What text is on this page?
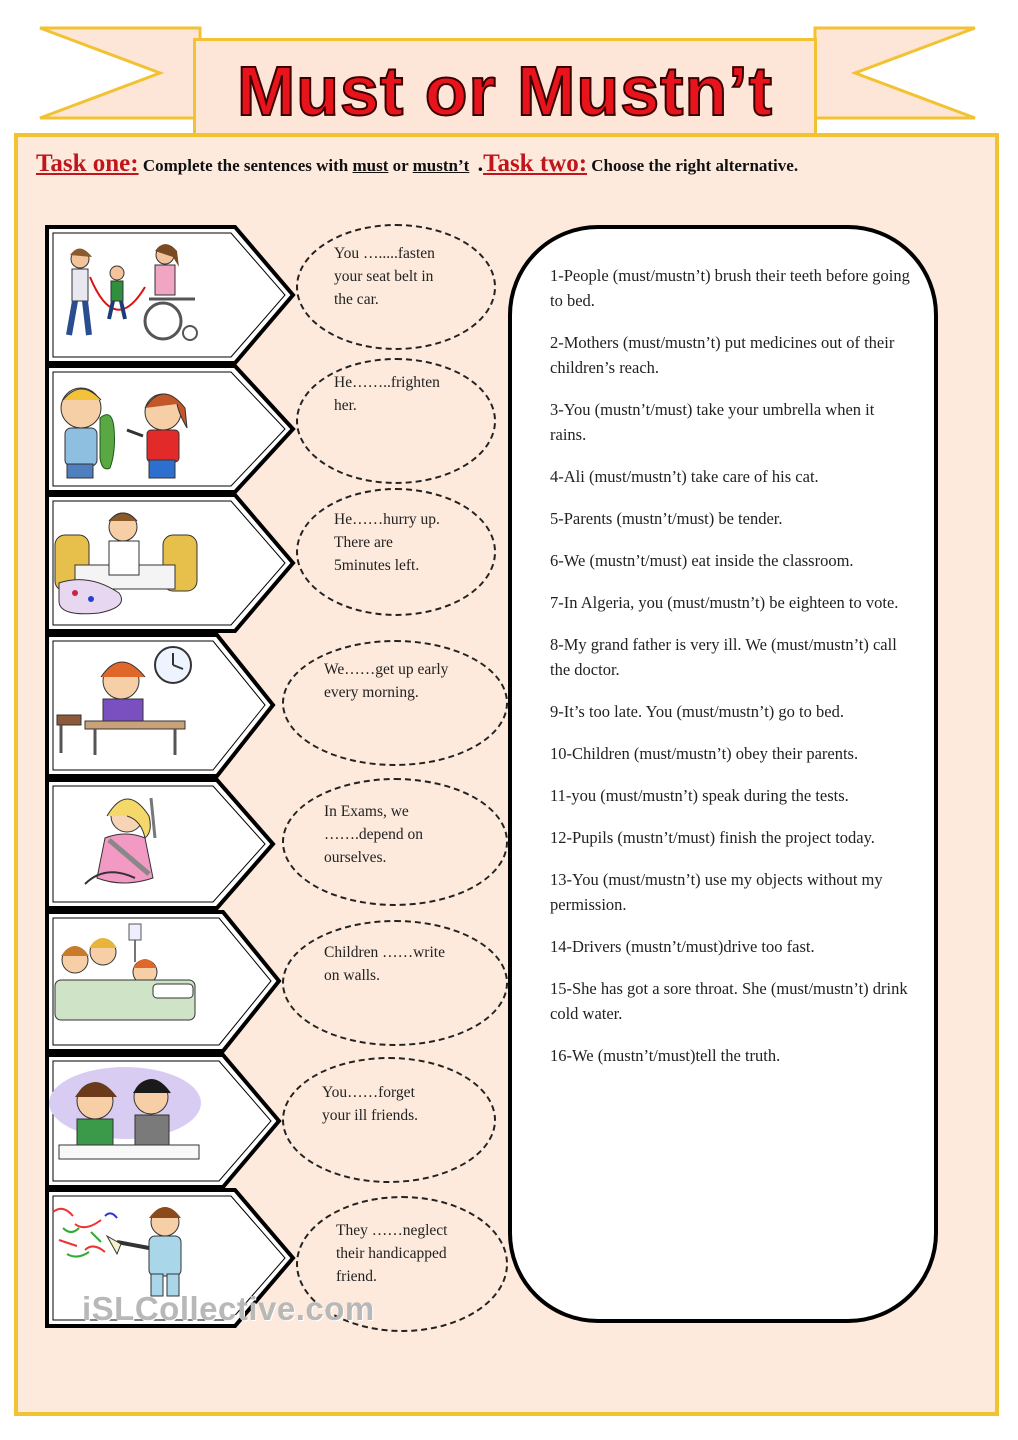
Must or Mustn’t
Task one: Complete the sentences with must or mustn’t .Task two: Choose the right alternative.
You ….....fasten
your seat belt in
the car.
He……..frighten
her.
He……hurry up.
There are
5minutes left.
We……get up early
every morning.
In Exams, we
…….depend on
ourselves.
Children ……write
on walls.
You……forget
your ill friends.
They ……neglect
their handicapped
friend.
1-People (must/mustn’t) brush their teeth before going to bed.
2-Mothers (must/mustn’t) put medicines out of their children’s reach.
3-You (mustn’t/must) take your umbrella when it rains.
4-Ali (must/mustn’t) take care of his cat.
5-Parents (mustn’t/must) be tender.
6-We (mustn’t/must) eat inside the classroom.
7-In Algeria, you (must/mustn’t) be eighteen to vote.
8-My grand father is very ill. We (must/mustn’t) call the doctor.
9-It’s too late. You (must/mustn’t) go to bed.
10-Children (must/mustn’t) obey their parents.
11-you (must/mustn’t) speak during the tests.
12-Pupils (mustn’t/must) finish the project today.
13-You (must/mustn’t) use my objects without my permission.
14-Drivers (mustn’t/must)drive too fast.
15-She has got a sore throat. She (must/mustn’t) drink cold water.
16-We (mustn’t/must)tell the truth.
iSLCollective.com
